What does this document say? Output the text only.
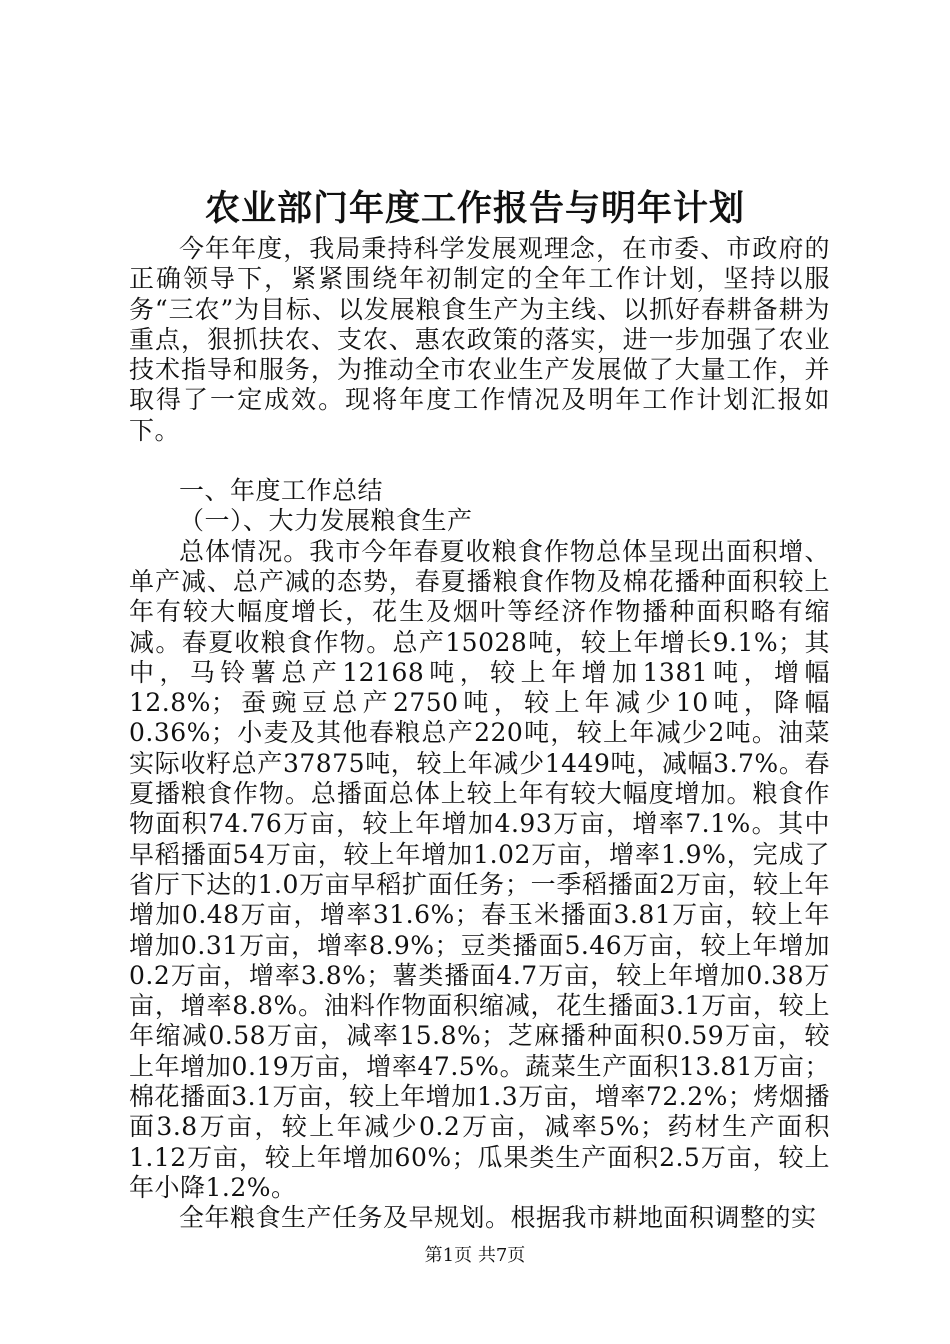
农业部门年度工作报告与明年计划

今年年度，我局秉持科学发展观理念，在市委、市政府的正确领导下，紧紧围绕年初制定的全年工作计划，坚持以服务“三农”为目标、以发展粮食生产为主线、以抓好春耕备耕为重点，狠抓扶农、支农、惠农政策的落实，进一步加强了农业技术指导和服务，为推动全市农业生产发展做了大量工作，并取得了一定成效。现将年度工作情况及明年工作计划汇报如下。

一、年度工作总结

（一）、大力发展粮食生产

总体情况。我市今年春夏收粮食作物总体呈现出面积增、单产减、总产减的态势，春夏播粮食作物及棉花播种面积较上年有较大幅度增长，花生及烟叶等经济作物播种面积略有缩减。春夏收粮食作物。总产15028吨，较上年增长9.1%；其中，马铃薯总产12168吨，较上年增加1381吨，增幅12.8%；蚕豌豆总产2750吨，较上年减少10吨，降幅0.36%；小麦及其他春粮总产220吨，较上年减少2吨。油菜实际收籽总产37875吨，较上年减少1449吨，减幅3.7%。春夏播粮食作物。总播面总体上较上年有较大幅度增加。粮食作物面积74.76万亩，较上年增加4.93万亩，增率7.1%。其中早稻播面54万亩，较上年增加1.02万亩，增率1.9%，完成了省厅下达的1.0万亩早稻扩面任务；一季稻播面2万亩，较上年增加0.48万亩，增率31.6%；春玉米播面3.81万亩，较上年增加0.31万亩，增率8.9%；豆类播面5.46万亩，较上年增加0.2万亩，增率3.8%；薯类播面4.7万亩，较上年增加0.38万亩，增率8.8%。油料作物面积缩减，花生播面3.1万亩，较上年缩减0.58万亩，减率15.8%；芝麻播种面积0.59万亩，较上年增加0.19万亩，增率47.5%。蔬菜生产面积13.81万亩；棉花播面3.1万亩，较上年增加1.3万亩，增率72.2%；烤烟播面3.8万亩，较上年减少0.2万亩，减率5%；药材生产面积1.12万亩，较上年增加60%；瓜果类生产面积2.5万亩，较上年小降1.2%。

全年粮食生产任务及早规划。根据我市耕地面积调整的实

第1页 共7页
